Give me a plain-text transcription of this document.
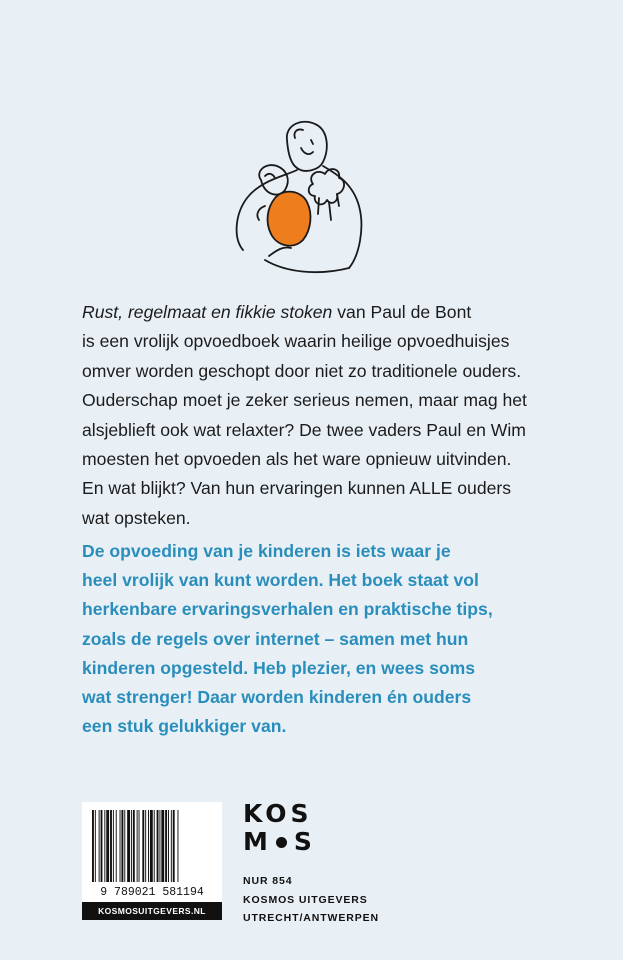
Rust, regelmaat en fikkie stoken van Paul de Bont

is een vrolijk opvoedboek waarin heilige opvoedhuisjes

omver worden geschopt door niet zo traditionele ouders.

Ouderschap moet je zeker serieus nemen, maar mag het

alsjeblieft ook wat relaxter? De twee vaders Paul en Wim

moesten het opvoeden als het ware opnieuw uitvinden.

En wat blijkt? Van hun ervaringen kunnen ALLE ouders

wat opsteken.

De opvoeding van je kinderen is iets waar je

heel vrolijk van kunt worden. Het boek staat vol

herkenbare ervaringsverhalen en praktische tips,

zoals de regels over internet – samen met hun

kinderen opgesteld. Heb plezier, en wees soms

wat strenger! Daar worden kinderen én ouders

een stuk gelukkiger van.

9 789021 581194
KOSMOSUITGEVERS.NL
KOS
M S
NUR 854
KOSMOS UITGEVERS
UTRECHT/ANTWERPEN
